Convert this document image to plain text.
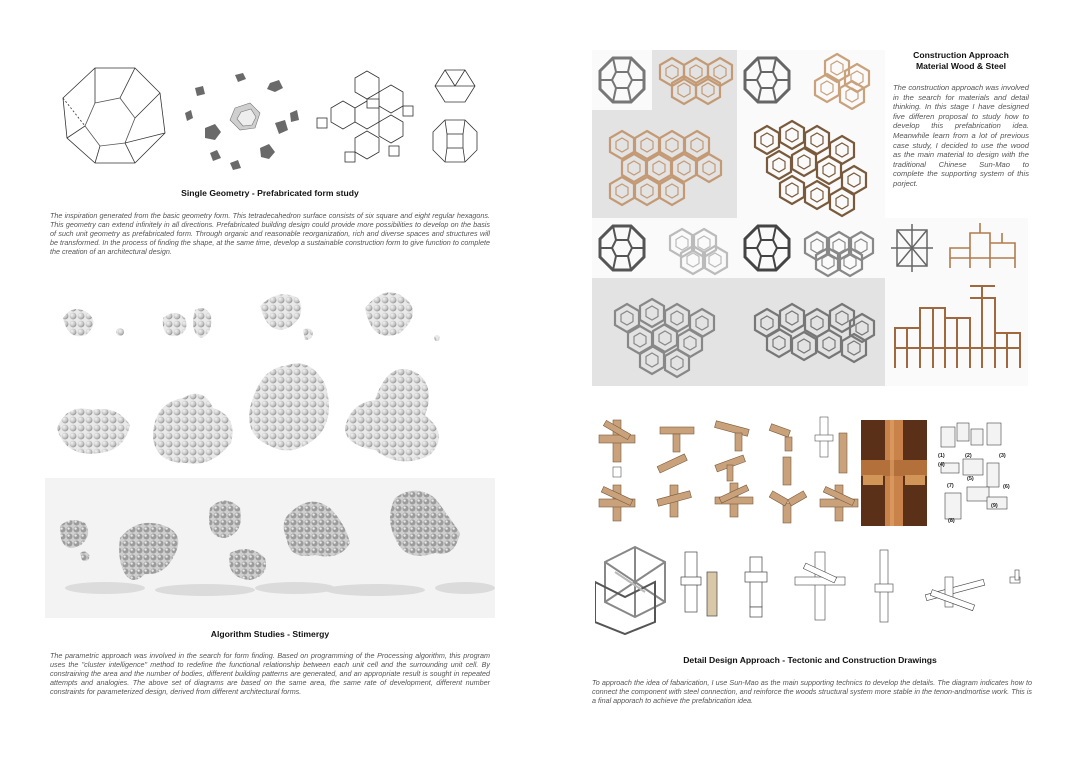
Single Geometry - Prefabricated form study
The inspiration generated from the basic geometry form. This tetradecahedron surface consists of six square and eight regular hexagons. This geometry can extend infinitely in all directions. Prefabricated building design could provide more possibilities to develop on the basis of such unit geometry as prefabricated form. Through organic and reasonable reorganization, rich and diverse spaces and structures will be transformed. In the process of finding the shape, at the same time, develop a sustainable construction form to give function to complete the creation of an architectural design.
Algorithm Studies - Stimergy
The parametric approach was involved in the search for form finding. Based on programming of the Processing algorithm, this program uses the "cluster intelligence" method to redefine the functional relationship between each unit cell and the surrounding unit cell. By constraining the area and the number of bodies, different building patterns are generated, and an appropriate result is sought in repeated attempts and analogies. The above set of diagrams are based on the same area, the same rate of development, different number constraints for parameterized design, derived from different architectural forms.
Construction Approach
Material Wood & Steel
The construction approach was involved in the search for materials and detail thinking. In this stage I have designed five differen proposal to study how to develop this prefabrication idea. Meanwhile learn from a lot of previous case study, I decided to use the wood as the main material to design with the traditional Chinese Sun-Mao to complete the supporting system of this porject.
(1)	(2)	(3)
(4)
(5)
(6)
(7)
(8)
(9)
Detail Design Approach - Tectonic and Construction Drawings
To approach the idea of fabarication, I use Sun-Mao as the main supporting technics to develop the details. The diagram indicates how to connect the component with steel connection, and reinforce the woods structural system more stable in the tenon-andmortise work. This is a final apporach to achieve the prefabrication idea.
